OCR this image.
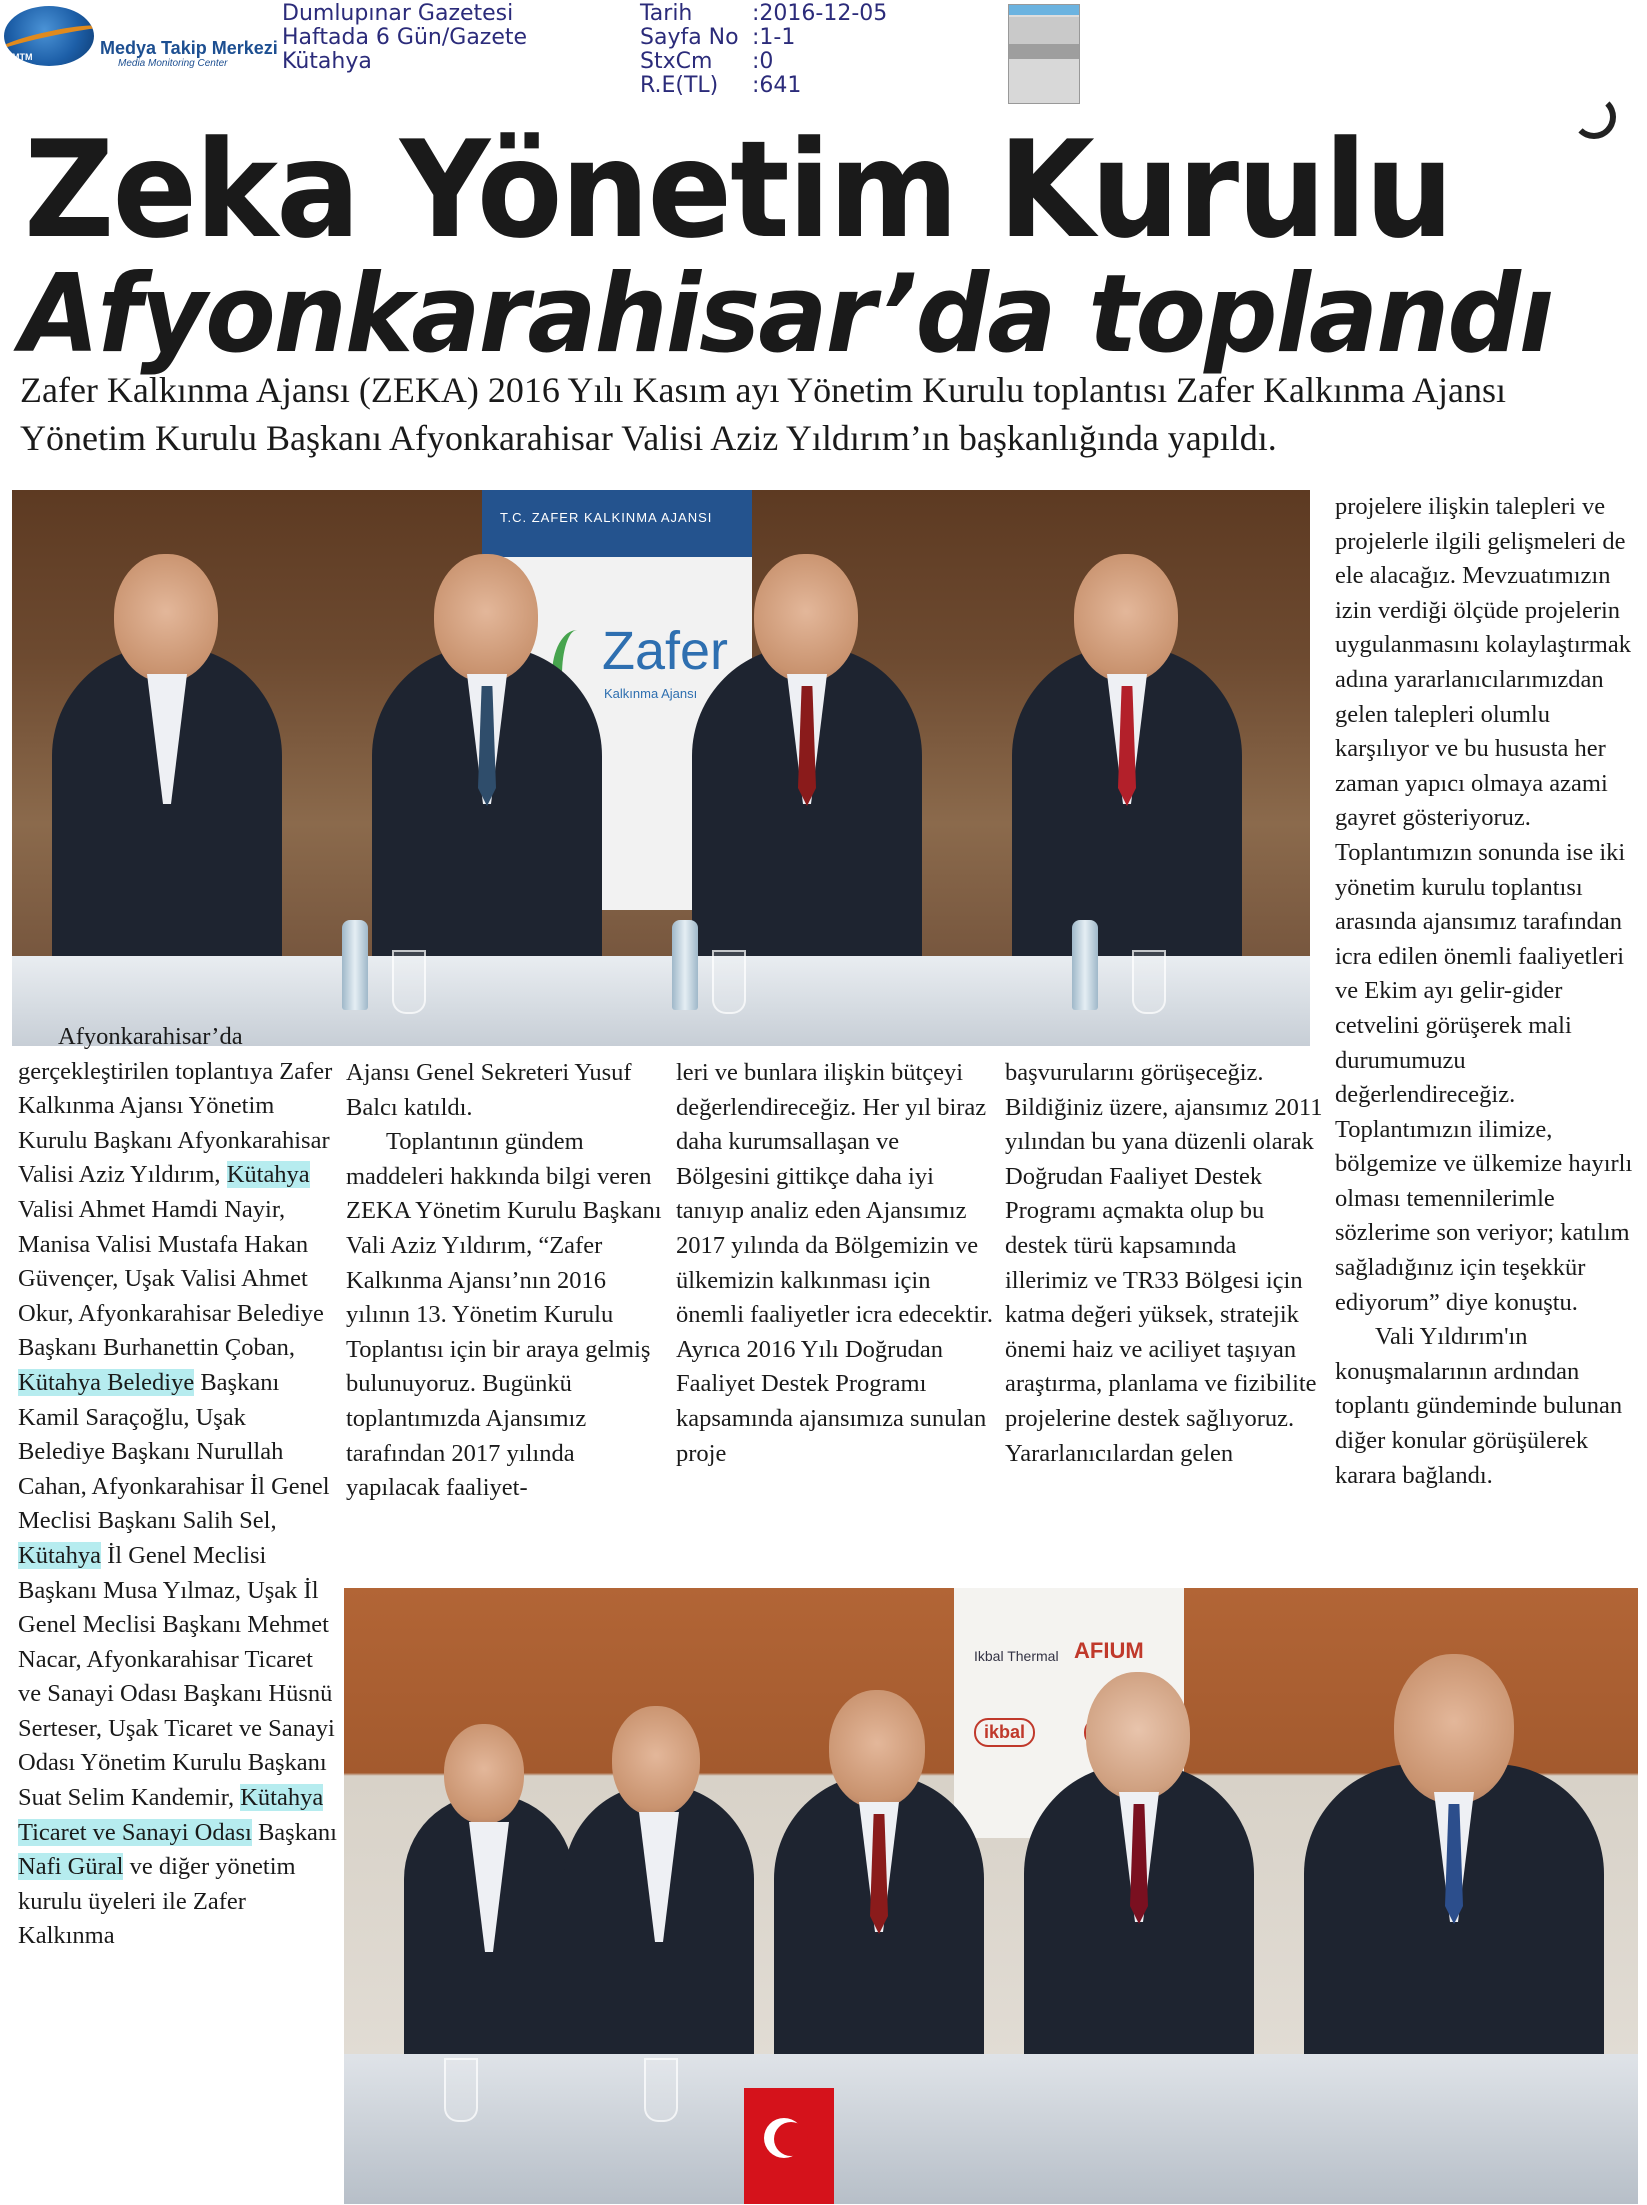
MTM	Medya Takip Merkezi
Media Monitoring Center
Dumlupınar Gazetesi
Haftada 6 Gün/Gazete
Kütahya
Tarih	:2016-12-05
Sayfa No :1-1
StxCm	:0
R.E(TL)	:641
Zeka Yönetim Kurulu
Afyonkarahisar’da toplandı
Zafer Kalkınma Ajansı (ZEKA) 2016 Yılı Kasım ayı Yönetim Kurulu toplantısı Zafer Kalkınma Ajansı Yönetim Kurulu Başkanı Afyonkarahisar Valisi Aziz Yıldırım’ın başkanlığında yapıldı.
T.C. ZAFER KALKINMA AJANSI
Zafer
Kalkınma Ajansı
Ikbal Thermal AFIUM
ikbal

Afyonkarahisar’da gerçekleştirilen toplantıya Zafer Kalkınma Ajansı Yönetim Kurulu Başkanı Afyonkarahisar Valisi Aziz Yıldırım, Kütahya Valisi Ahmet Hamdi Nayir, Manisa Valisi Mustafa Hakan Güvençer, Uşak Valisi Ahmet Okur, Afyonkarahisar Belediye Başkanı Burhanettin Çoban, Kütahya Belediye Başkanı Kamil Saraçoğlu, Uşak Belediye Başkanı Nurullah Cahan, Afyonkarahisar İl Genel Meclisi Başkanı Salih Sel, Kütahya İl Genel Meclisi Başkanı Musa Yılmaz, Uşak İl Genel Meclisi Başkanı Mehmet Nacar, Afyonkarahisar Ticaret ve Sanayi Odası Başkanı Hüsnü Serteser, Uşak Ticaret ve Sanayi Odası Yönetim Kurulu Başkanı Suat Selim Kandemir, Kütahya Ticaret ve Sanayi Odası Başkanı Nafi Güral ve diğer yönetim kurulu üyeleri ile Zafer Kalkınma

Ajansı Genel Sekreteri Yusuf Balcı katıldı.

Toplantının gündem maddeleri hakkında bilgi veren ZEKA Yönetim Kurulu Başkanı Vali Aziz Yıldırım, “Zafer Kalkınma Ajansı’nın 2016 yılının 13. Yönetim Kurulu Toplantısı için bir araya gelmiş bulunuyoruz. Bugünkü toplantımızda Ajansımız tarafından 2017 yılında yapılacak faaliyet-

leri ve bunlara ilişkin bütçeyi değerlendireceğiz. Her yıl biraz daha kurumsallaşan ve Bölgesini gittikçe daha iyi tanıyıp analiz eden Ajansımız 2017 yılında da Bölgemizin ve ülkemizin kalkınması için önemli faaliyetler icra edecektir. Ayrıca 2016 Yılı Doğrudan Faaliyet Destek Programı kapsamında ajansımıza sunulan proje

başvurularını görüşeceğiz. Bildiğiniz üzere, ajansımız 2011 yılından bu yana düzenli olarak Doğrudan Faaliyet Destek Programı açmakta olup bu destek türü kapsamında illerimiz ve TR33 Bölgesi için katma değeri yüksek, stratejik önemi haiz ve aciliyet taşıyan araştırma, planlama ve fizibilite projelerine destek sağlıyoruz. Yararlanıcılardan gelen

projelere ilişkin talepleri ve projelerle ilgili gelişmeleri de ele alacağız. Mevzuatımızın izin verdiği ölçüde projelerin uygulanmasını kolaylaştırmak adına yararlanıcılarımızdan gelen talepleri olumlu karşılıyor ve bu hususta her zaman yapıcı olmaya azami gayret gösteriyoruz. Toplantımızın sonunda ise iki yönetim kurulu toplantısı arasında ajansımız tarafından icra edilen önemli faaliyetleri ve Ekim ayı gelir-gider cetvelini görüşerek mali durumumuzu değerlendireceğiz. Toplantımızın ilimize, bölgemize ve ülkemize hayırlı olması temennilerimle sözlerime son veriyor; katılım sağladığınız için teşekkür ediyorum” diye konuştu.

Vali Yıldırım'ın konuşmalarının ardından toplantı gündeminde bulunan diğer konular görüşülerek karara bağlandı.
